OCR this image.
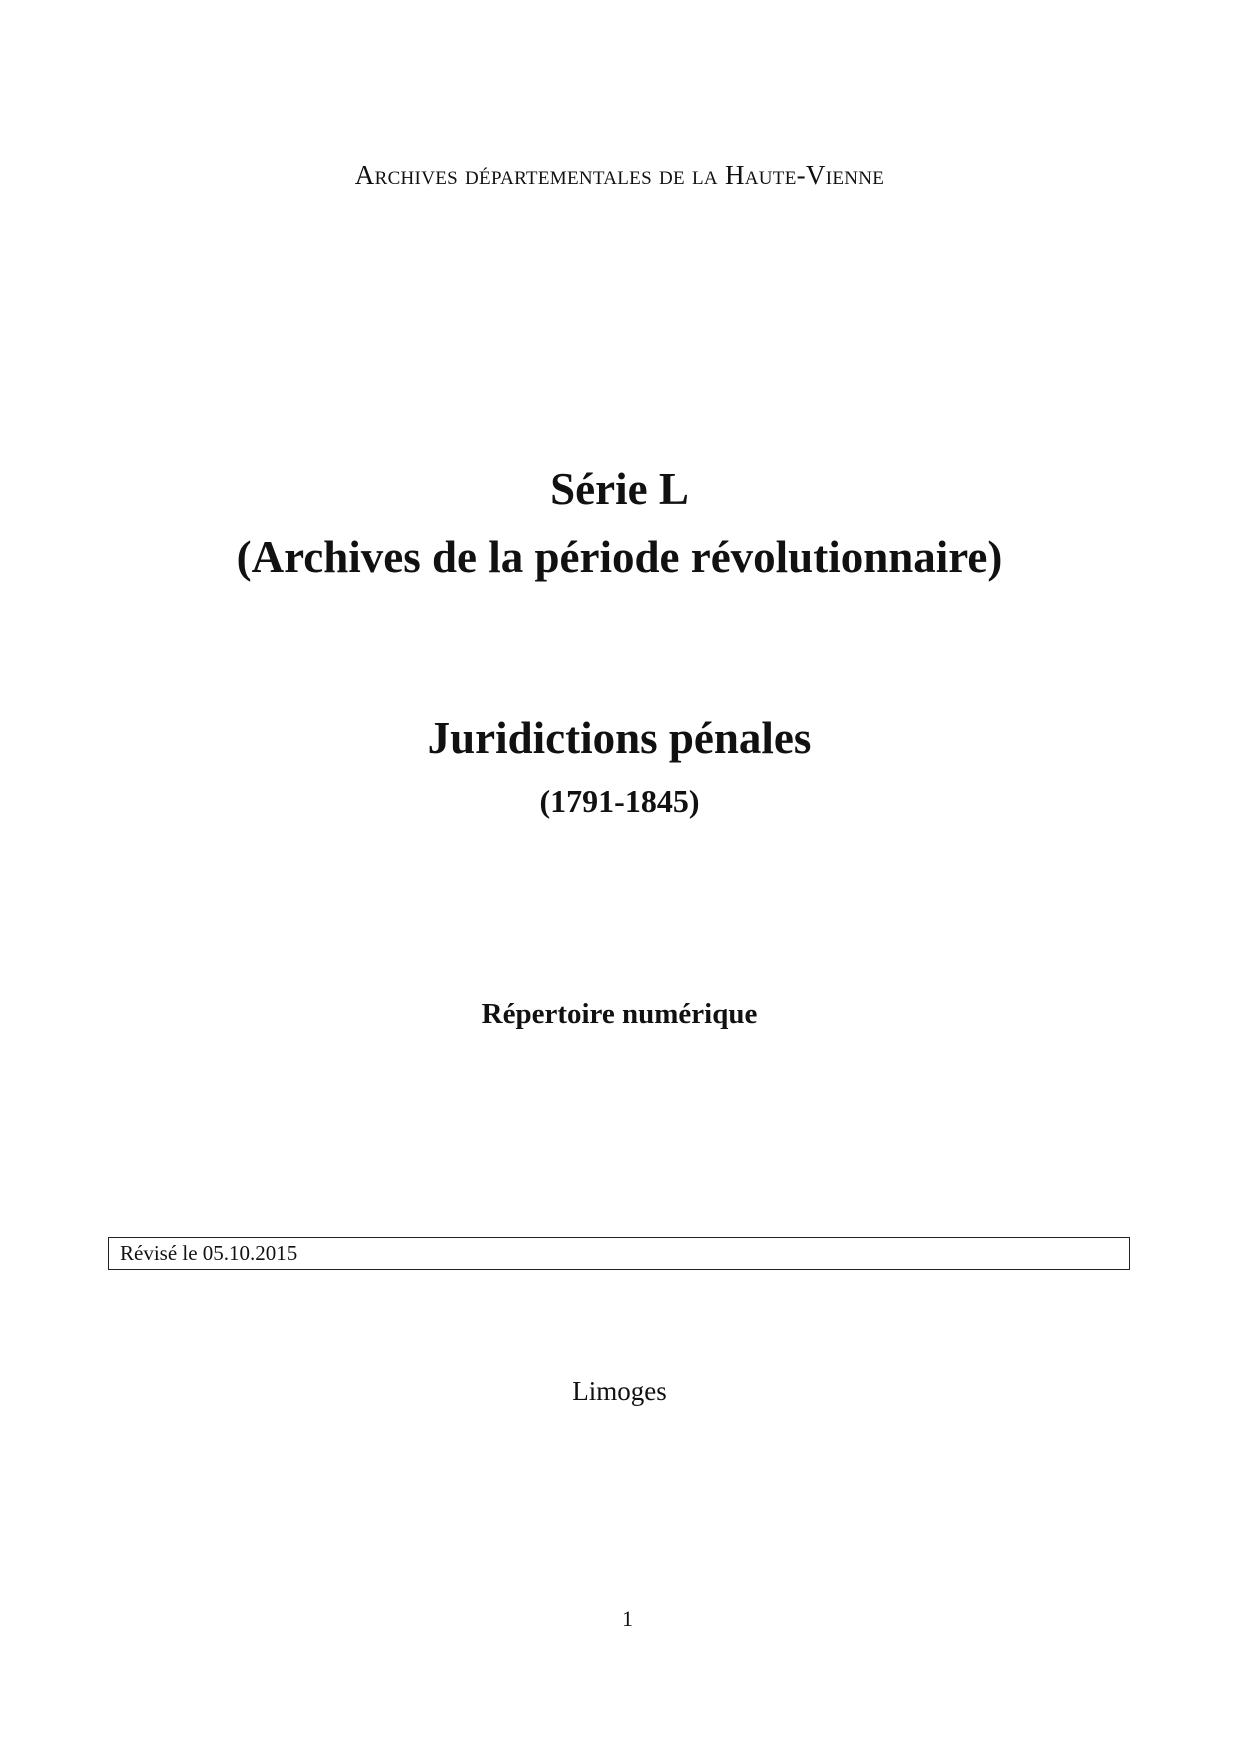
Archives départementales de la Haute-Vienne
Série L
(Archives de la période révolutionnaire)
Juridictions pénales
(1791-1845)
Répertoire numérique
Révisé le 05.10.2015
Limoges
1
